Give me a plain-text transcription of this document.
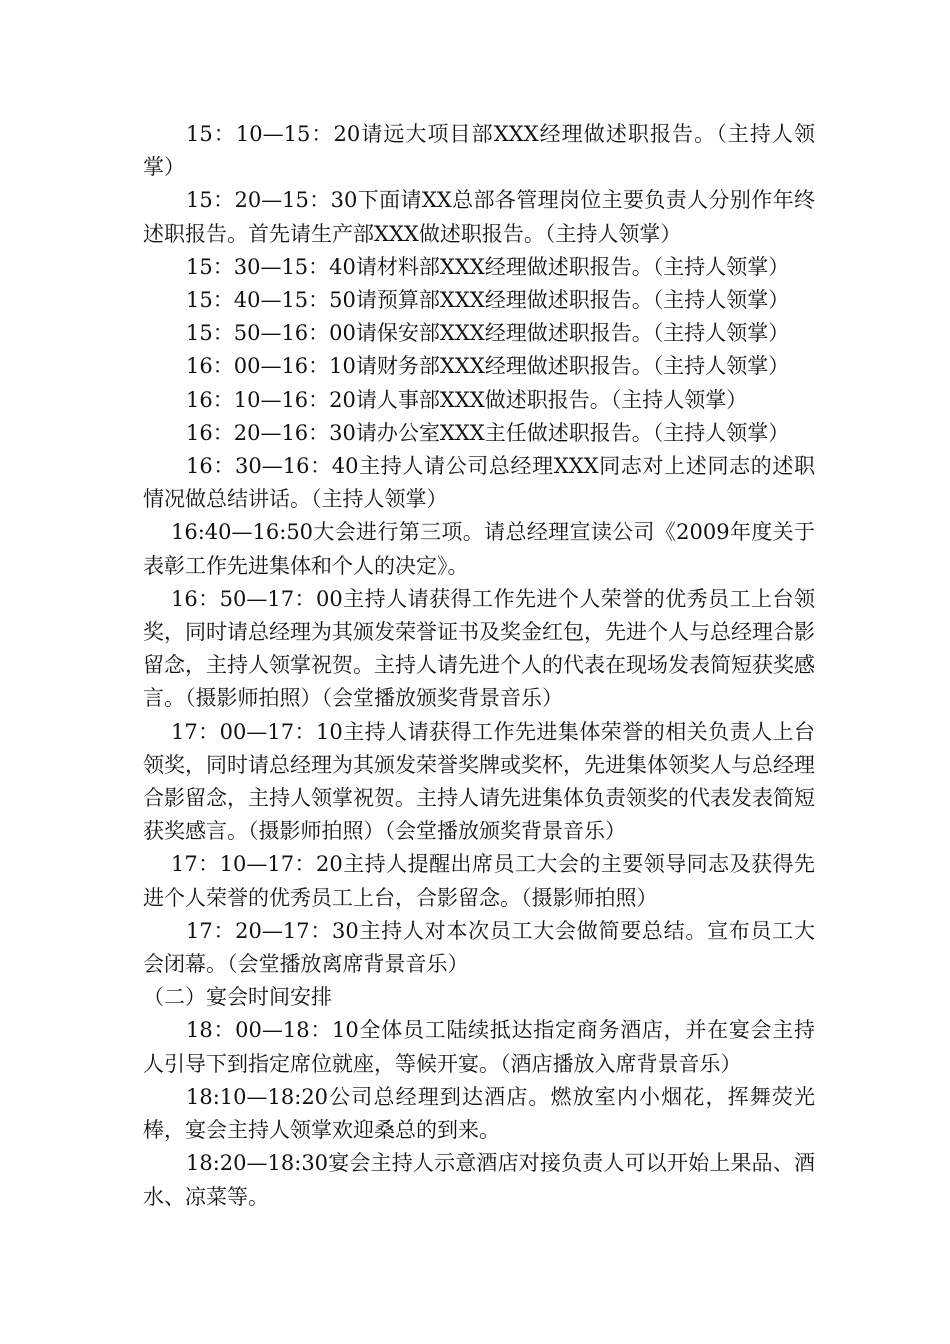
15：10—15：20请远大项目部XXX经理做述职报告。（主持人领掌）

15：20—15：30下面请XX总部各管理岗位主要负责人分别作年终述职报告。首先请生产部XXX做述职报告。（主持人领掌）

15：30—15：40请材料部XXX经理做述职报告。（主持人领掌）

15：40—15：50请预算部XXX经理做述职报告。（主持人领掌）

15：50—16：00请保安部XXX经理做述职报告。（主持人领掌）

16：00—16：10请财务部XXX经理做述职报告。（主持人领掌）

16：10—16：20请人事部XXX做述职报告。（主持人领掌）

16：20—16：30请办公室XXX主任做述职报告。（主持人领掌）

16：30—16：40主持人请公司总经理XXX同志对上述同志的述职情况做总结讲话。（主持人领掌）

16:40—16:50大会进行第三项。请总经理宣读公司《2009年度关于表彰工作先进集体和个人的决定》。

16：50—17：00主持人请获得工作先进个人荣誉的优秀员工上台领奖，同时请总经理为其颁发荣誉证书及奖金红包，先进个人与总经理合影留念，主持人领掌祝贺。主持人请先进个人的代表在现场发表简短获奖感言。（摄影师拍照）（会堂播放颁奖背景音乐）

17：00—17：10主持人请获得工作先进集体荣誉的相关负责人上台领奖，同时请总经理为其颁发荣誉奖牌或奖杯，先进集体领奖人与总经理合影留念，主持人领掌祝贺。主持人请先进集体负责领奖的代表发表简短获奖感言。（摄影师拍照）（会堂播放颁奖背景音乐）

17：10—17：20主持人提醒出席员工大会的主要领导同志及获得先进个人荣誉的优秀员工上台，合影留念。（摄影师拍照）

17：20—17：30主持人对本次员工大会做简要总结。宣布员工大会闭幕。（会堂播放离席背景音乐）

（二）宴会时间安排

18：00—18：10全体员工陆续抵达指定商务酒店，并在宴会主持人引导下到指定席位就座，等候开宴。（酒店播放入席背景音乐）

18:10—18:20公司总经理到达酒店。燃放室内小烟花，挥舞荧光棒，宴会主持人领掌欢迎桑总的到来。

18:20—18:30宴会主持人示意酒店对接负责人可以开始上果品、酒水、凉菜等。
